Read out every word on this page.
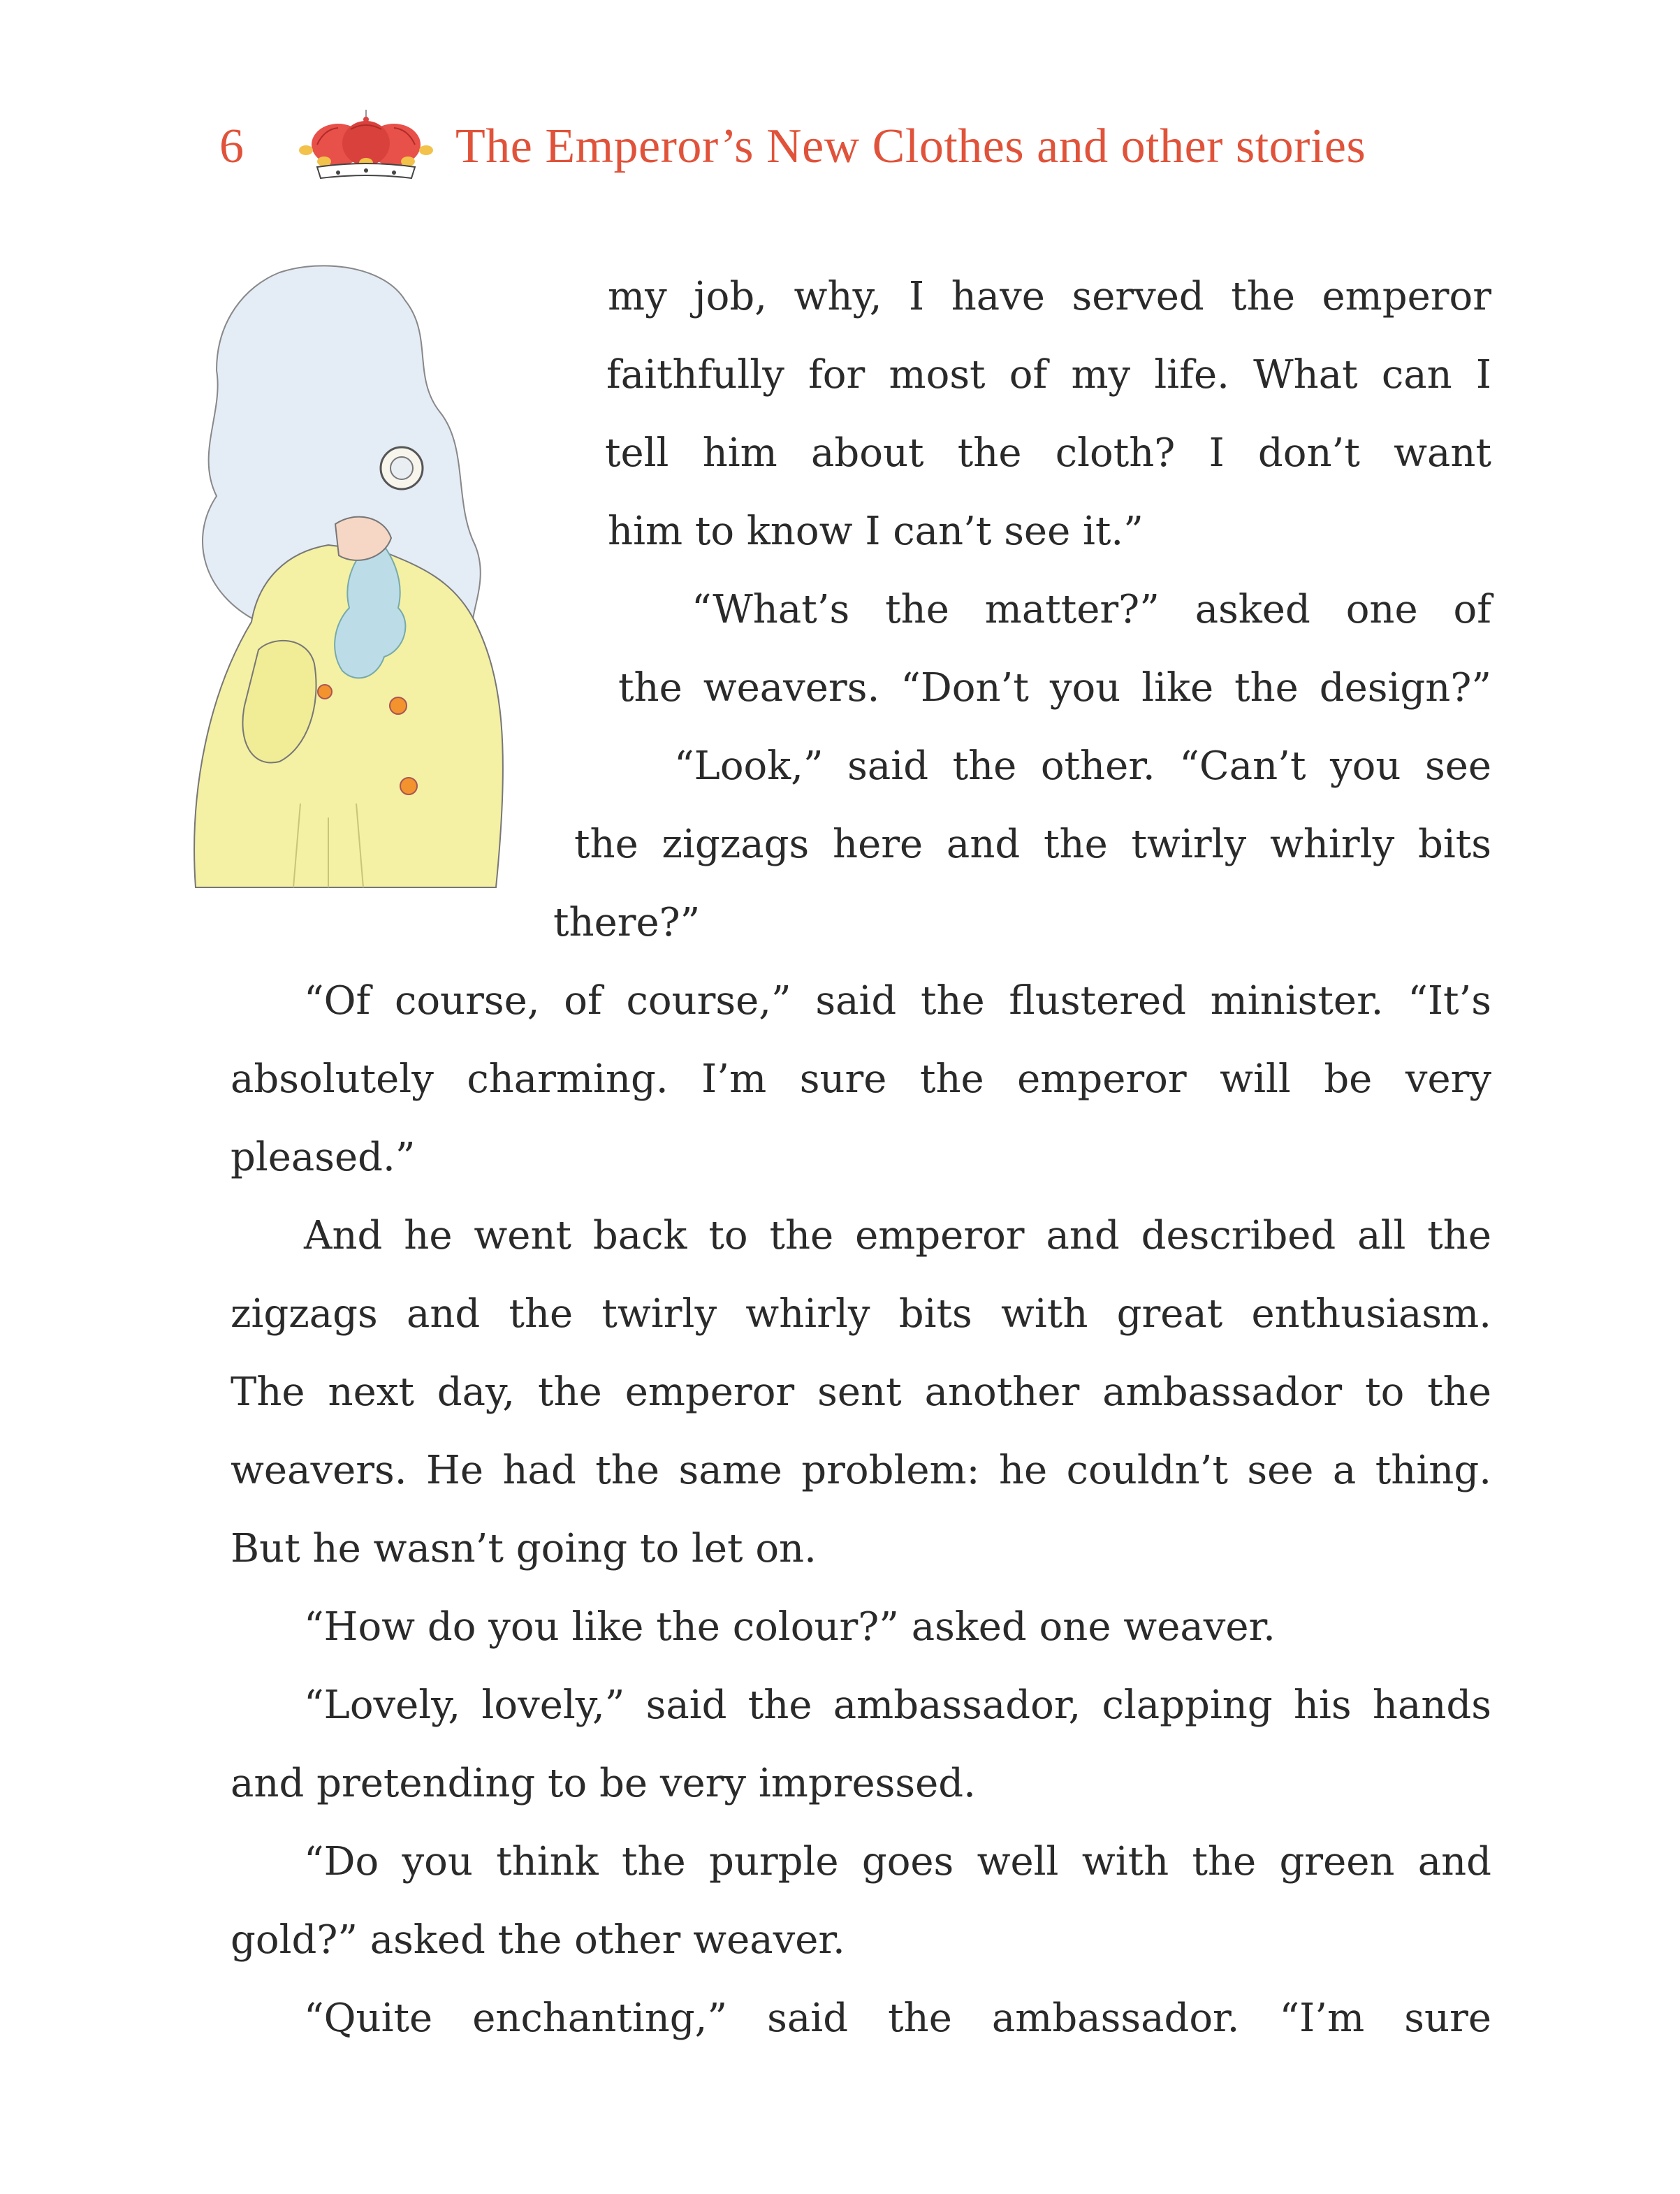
6	The Emperor’s New Clothes and other stories
my job, why, I have served the emperor
faithfully for most of my life. What can I
tell him about the cloth? I don’t want
him to know I can’t see it.”
“What’s the matter?” asked one of
the weavers. “Don’t you like the design?”
“Look,” said the other. “Can’t you see
the zigzags here and the twirly whirly bits
there?”
“Of course, of course,” said the flustered minister. “It’s
absolutely charming. I’m sure the emperor will be very
pleased.”
And he went back to the emperor and described all the
zigzags and the twirly whirly bits with great enthusiasm.
The next day, the emperor sent another ambassador to the
weavers. He had the same problem: he couldn’t see a thing.
But he wasn’t going to let on.
“How do you like the colour?” asked one weaver.
“Lovely, lovely,” said the ambassador, clapping his hands
and pretending to be very impressed.
“Do you think the purple goes well with the green and
gold?” asked the other weaver.
“Quite enchanting,” said the ambassador. “I’m sure
